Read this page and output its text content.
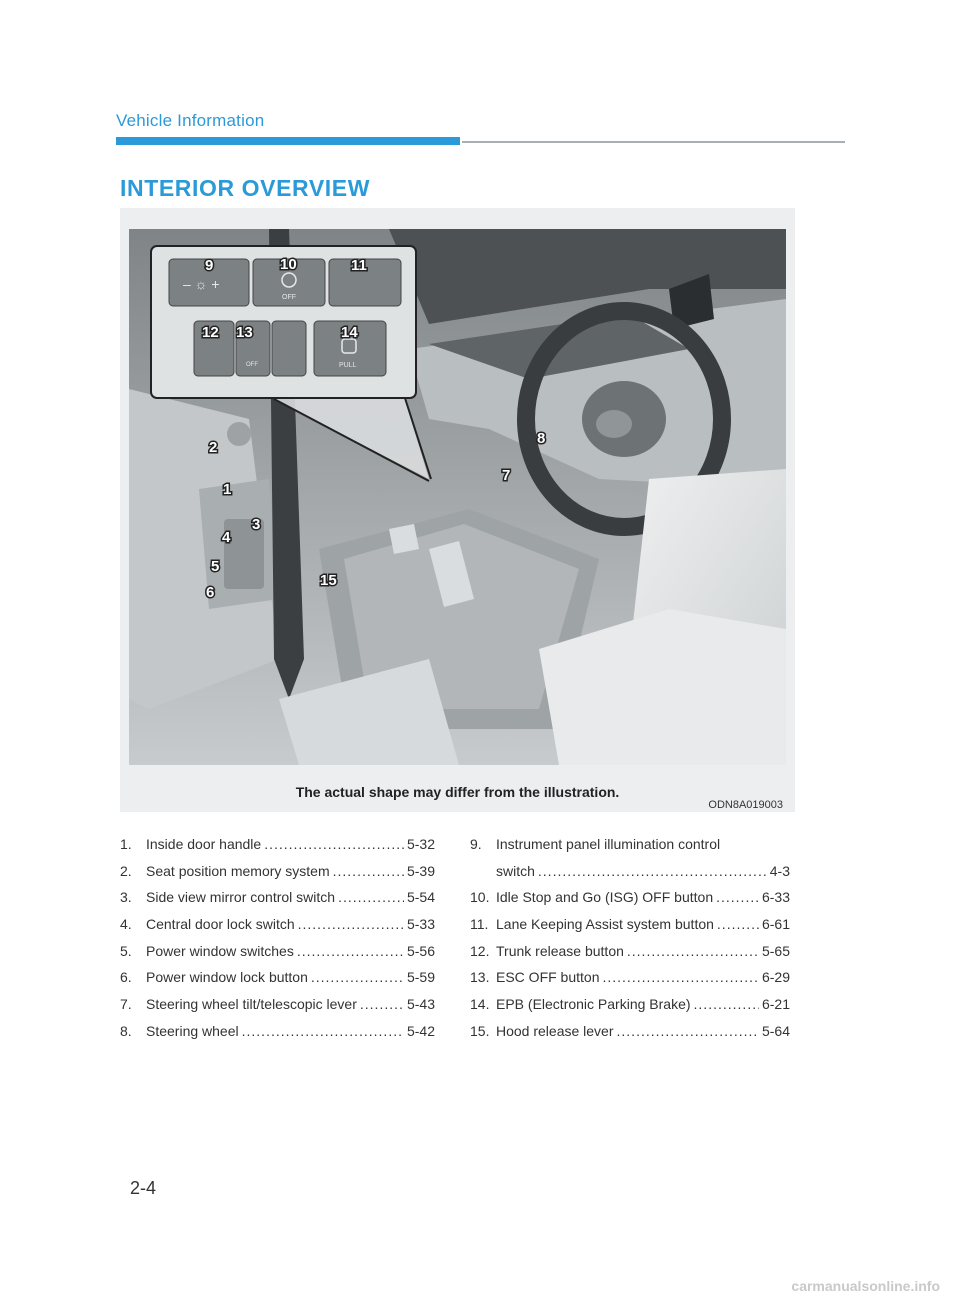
Vehicle Information
INTERIOR OVERVIEW
– ☼ +
OFF
OFF	PULL
9	10	11
12 13	14
2
1
3
4
5
6
7
8
15
The actual shape may differ from the illustration.
ODN8A019003
1.	Inside door handle .....	5-32
2.	Seat position memory system .....	5-39
3.	Side view mirror control switch .....	5-54
4.	Central door lock switch .....	5-33
5.	Power window switches .....	5-56
6.	Power window lock button .....	5-59
7.	Steering wheel tilt/telescopic lever .....	5-43
8.	Steering wheel .....	5-42
9.	Instrument panel illumination control
switch .....	4-3
10. Idle Stop and Go (ISG) OFF button .....	6-33
11. Lane Keeping Assist system button .....	6-61
12. Trunk release button .....	5-65
13. ESC OFF button .....	6-29
14. EPB (Electronic Parking Brake) .....	6-21
15. Hood release lever .....	5-64
2-4
carmanualsonline.info
